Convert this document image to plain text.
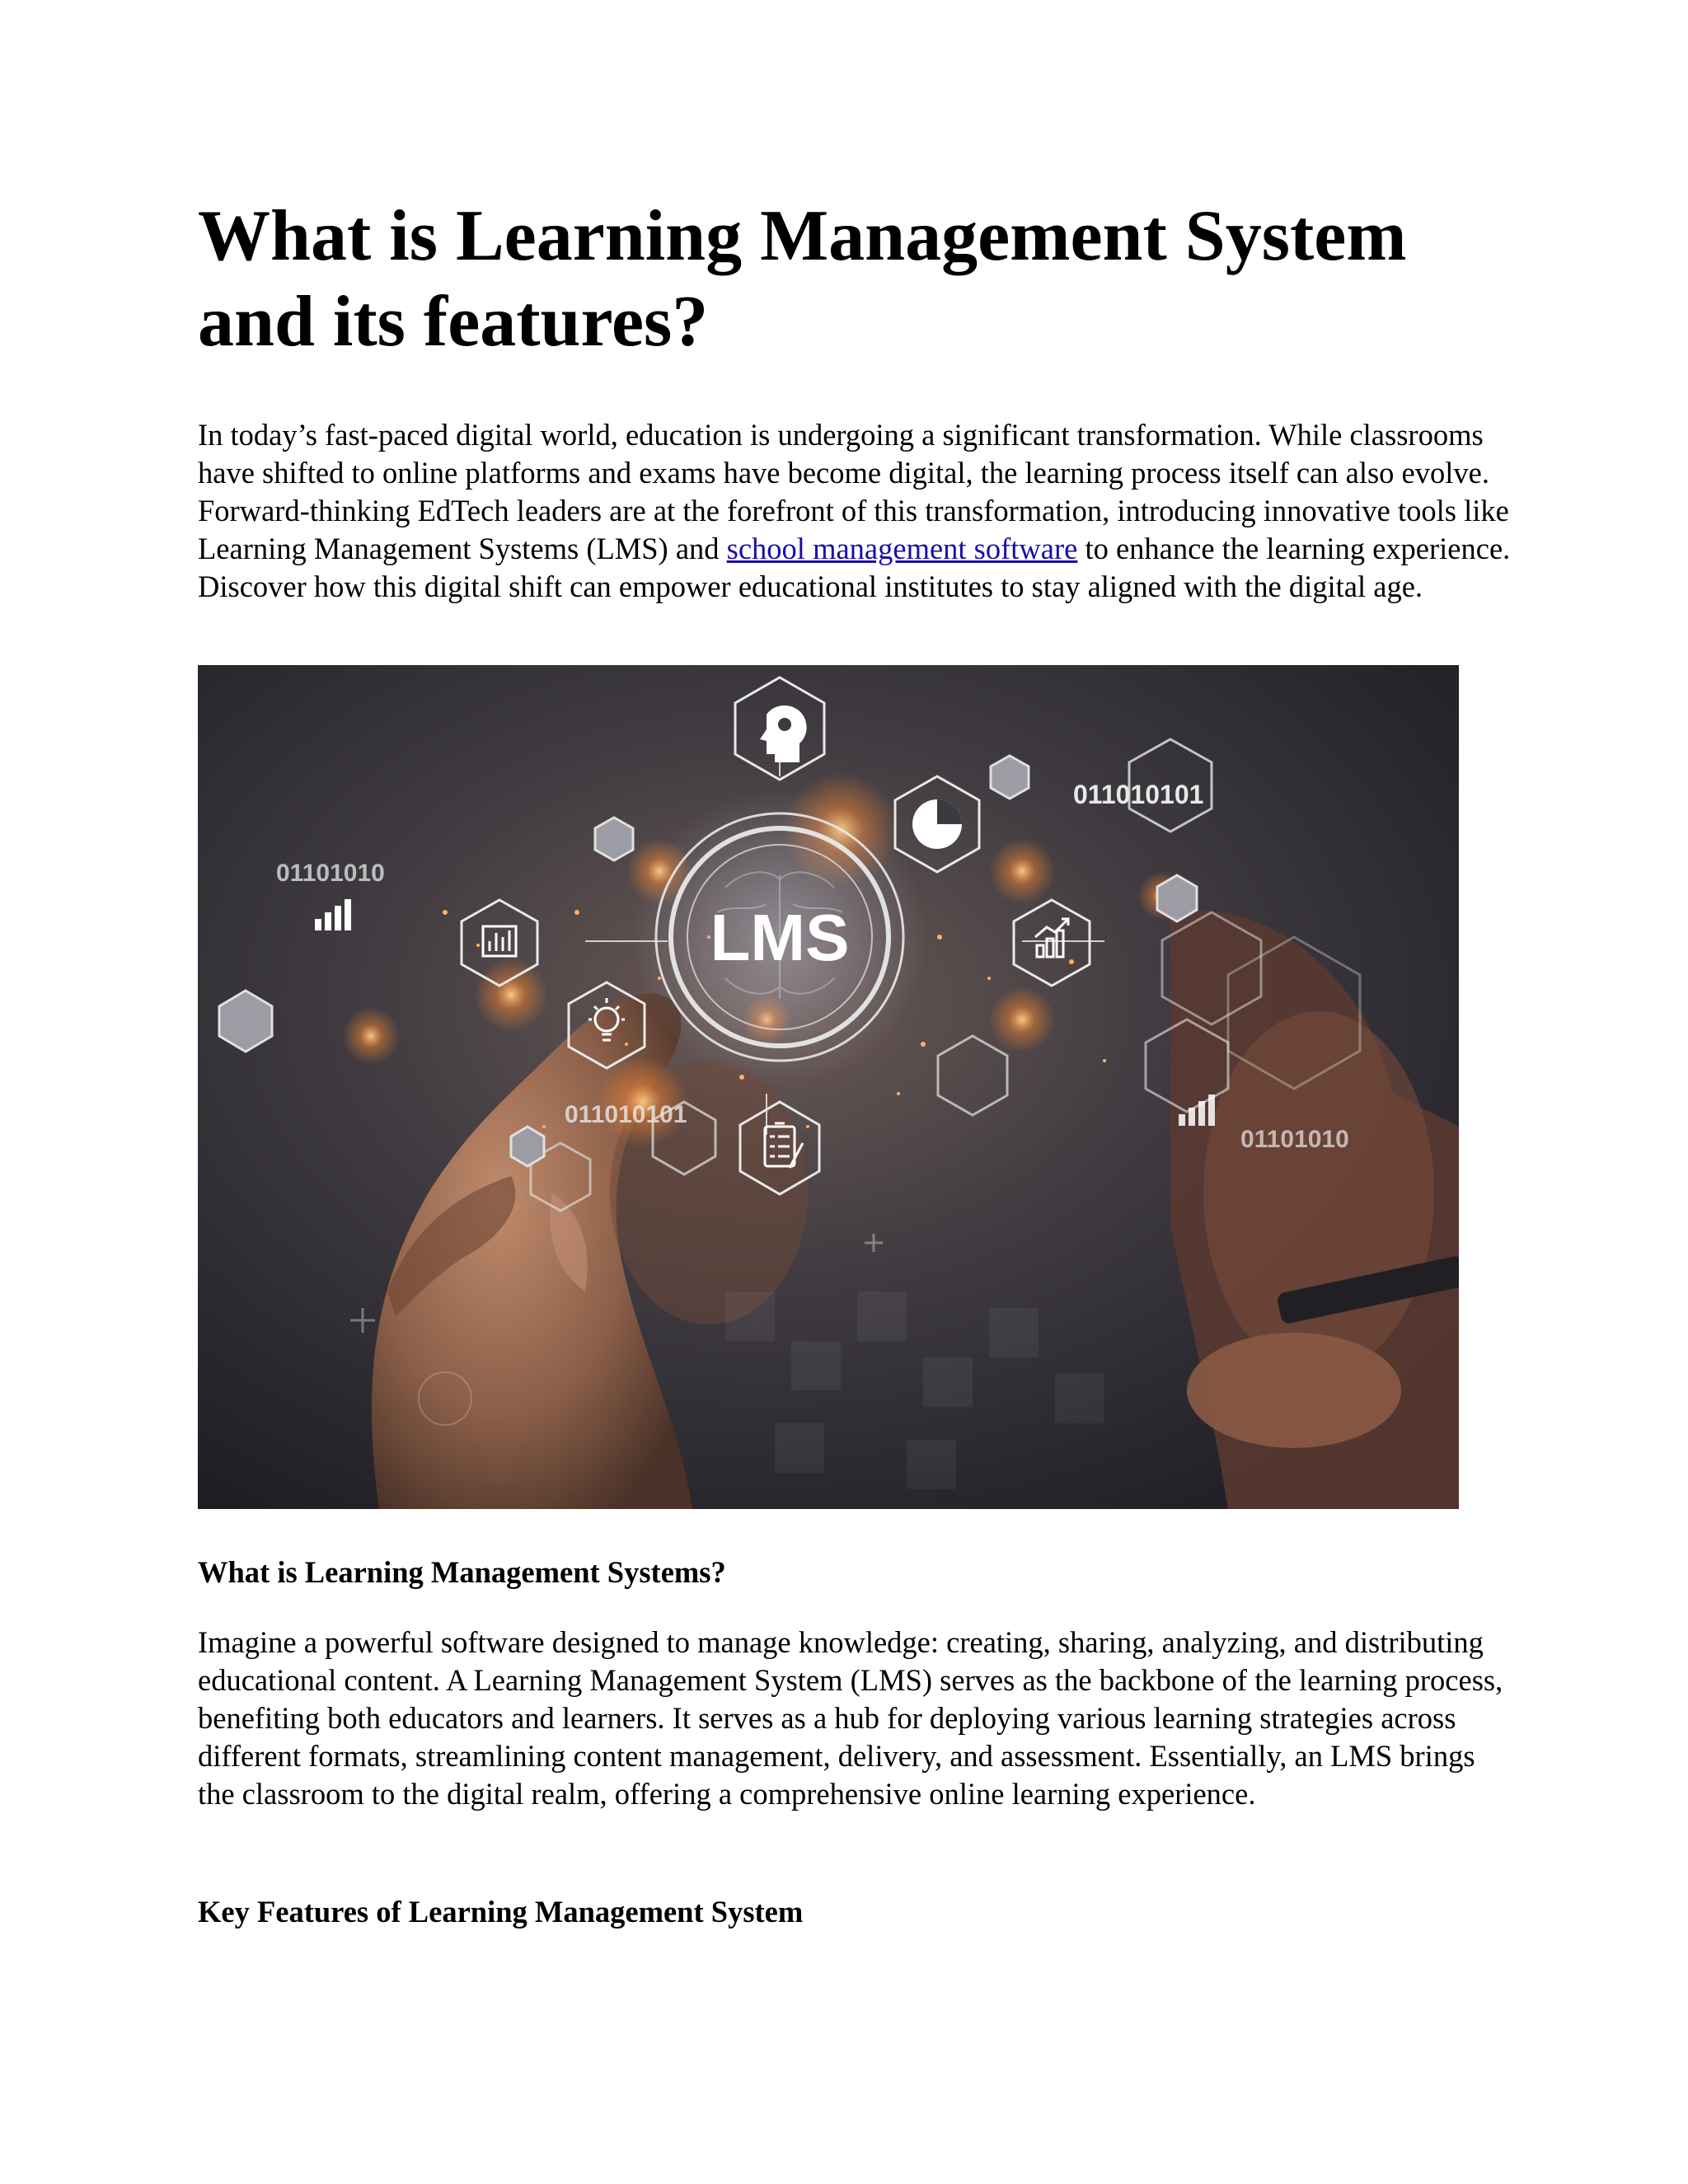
What is Learning Management System and its features?

In today’s fast-paced digital world, education is undergoing a significant transformation. While classrooms have shifted to online platforms and exams have become digital, the learning process itself can also evolve. Forward-thinking EdTech leaders are at the forefront of this transformation, introducing innovative tools like Learning Management Systems (LMS) and school management software to enhance the learning experience. Discover how this digital shift can empower educational institutes to stay aligned with the digital age.

LMS
011010101
01101010
011010101
01101010
What is Learning Management Systems?

Imagine a powerful software designed to manage knowledge: creating, sharing, analyzing, and distributing educational content. A Learning Management System (LMS) serves as the backbone of the learning process, benefiting both educators and learners. It serves as a hub for deploying various learning strategies across different formats, streamlining content management, delivery, and assessment. Essentially, an LMS brings the classroom to the digital realm, offering a comprehensive online learning experience.

Key Features of Learning Management System
